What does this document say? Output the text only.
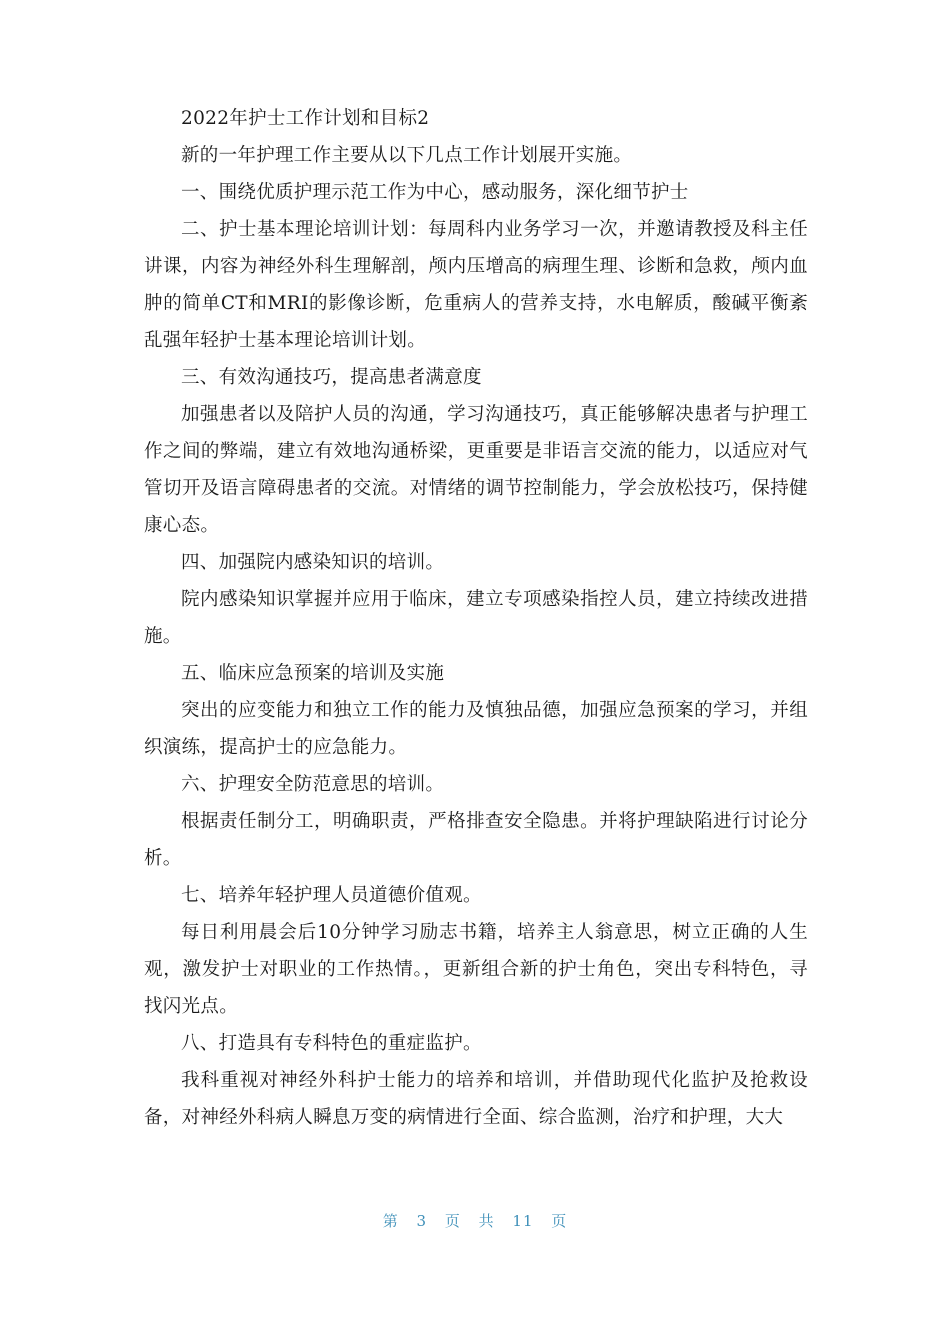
2022年护士工作计划和目标2

新的一年护理工作主要从以下几点工作计划展开实施。

一、围绕优质护理示范工作为中心，感动服务，深化细节护士

二、护士基本理论培训计划：每周科内业务学习一次，并邀请教授及科主任讲课，内容为神经外科生理解剖，颅内压增高的病理生理、诊断和急救，颅内血肿的简单CT和MRI的影像诊断，危重病人的营养支持，水电解质，酸碱平衡紊乱强年轻护士基本理论培训计划。

三、有效沟通技巧，提高患者满意度

加强患者以及陪护人员的沟通，学习沟通技巧，真正能够解决患者与护理工作之间的弊端，建立有效地沟通桥梁，更重要是非语言交流的能力，以适应对气管切开及语言障碍患者的交流。对情绪的调节控制能力，学会放松技巧，保持健康心态。

四、加强院内感染知识的培训。

院内感染知识掌握并应用于临床，建立专项感染指控人员，建立持续改进措施。

五、临床应急预案的培训及实施

突出的应变能力和独立工作的能力及慎独品德，加强应急预案的学习，并组织演练，提高护士的应急能力。

六、护理安全防范意思的培训。

根据责任制分工，明确职责，严格排查安全隐患。并将护理缺陷进行讨论分析。

七、培养年轻护理人员道德价值观。

每日利用晨会后10分钟学习励志书籍，培养主人翁意思，树立正确的人生观，激发护士对职业的工作热情。，更新组合新的护士角色，突出专科特色，寻找闪光点。

八、打造具有专科特色的重症监护。

我科重视对神经外科护士能力的培养和培训，并借助现代化监护及抢救设备，对神经外科病人瞬息万变的病情进行全面、综合监测，治疗和护理，大大

第 3 页 共 11 页
